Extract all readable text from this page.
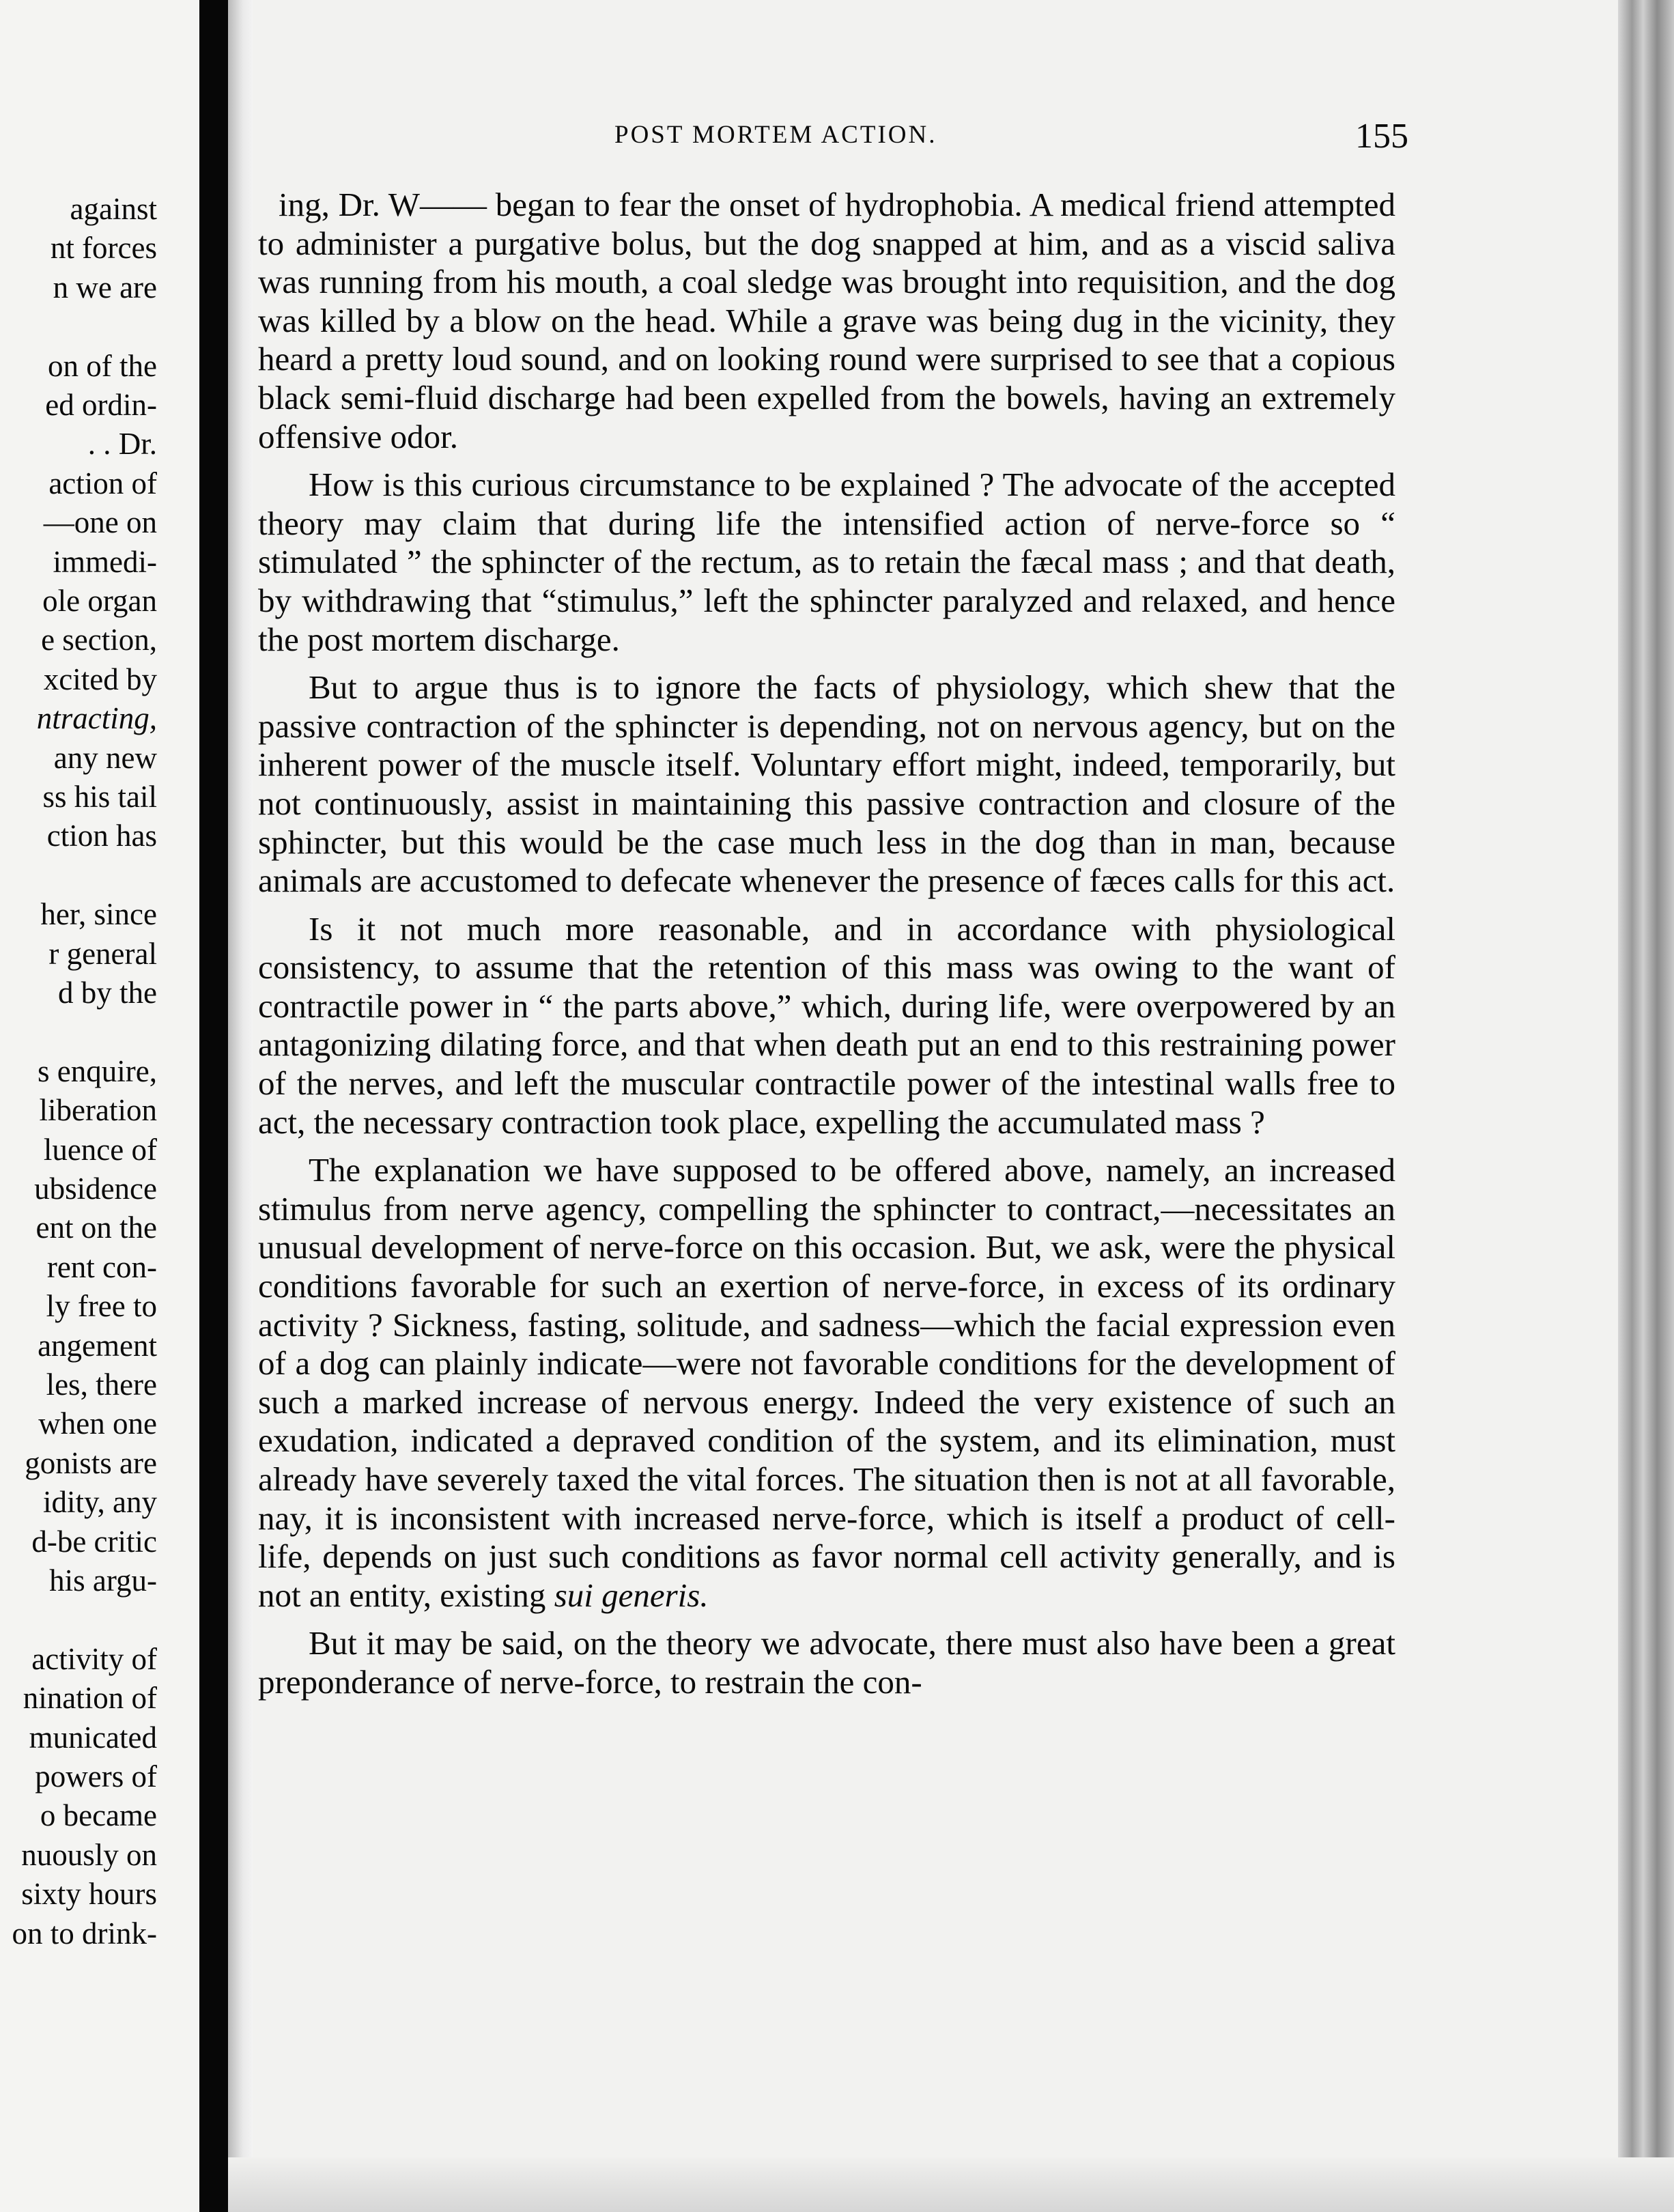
against
nt forces
n we are
on of the
ed ordin-
. . Dr.
action of
—one on
immedi-
ole organ
e section,
xcited by
ntracting,
any new
ss his tail
ction has
her, since
r general
d by the
s enquire,
liberation
luence of
ubsidence
ent on the
rent con-
ly free to
angement
les, there
when one
gonists are
idity, any
d-be critic
his argu-
activity of
nination of
municated
powers of
o became
nuously on
sixty hours
on to drink-
POST MORTEM ACTION.	155

ing, Dr. W—— began to fear the onset of hydrophobia. A medical friend attempted to administer a purgative bolus, but the dog snapped at him, and as a viscid saliva was running from his mouth, a coal sledge was brought into requisition, and the dog was killed by a blow on the head. While a grave was being dug in the vicinity, they heard a pretty loud sound, and on looking round were surprised to see that a copious black semi-fluid discharge had been expelled from the bowels, having an extremely offensive odor.

How is this curious circumstance to be explained ? The advocate of the accepted theory may claim that during life the intensified action of nerve-force so “ stimulated ” the sphincter of the rectum, as to retain the fæcal mass ; and that death, by withdrawing that “stimulus,” left the sphincter paralyzed and relaxed, and hence the post mortem discharge.

But to argue thus is to ignore the facts of physiology, which shew that the passive contraction of the sphincter is depending, not on nervous agency, but on the inherent power of the muscle itself. Voluntary effort might, indeed, temporarily, but not continuously, assist in maintaining this passive contraction and closure of the sphincter, but this would be the case much less in the dog than in man, because animals are accustomed to defecate whenever the presence of fæces calls for this act.

Is it not much more reasonable, and in accordance with physiological consistency, to assume that the retention of this mass was owing to the want of contractile power in “ the parts above,” which, during life, were overpowered by an antagonizing dilating force, and that when death put an end to this restraining power of the nerves, and left the muscular contractile power of the intestinal walls free to act, the necessary contraction took place, expelling the accumulated mass ?

The explanation we have supposed to be offered above, namely, an increased stimulus from nerve agency, compelling the sphincter to contract,—necessitates an unusual development of nerve-force on this occasion. But, we ask, were the physical conditions favorable for such an exertion of nerve-force, in excess of its ordinary activity ? Sickness, fasting, solitude, and sadness—which the facial expression even of a dog can plainly indicate—were not favorable conditions for the development of such a marked increase of nervous energy. Indeed the very existence of such an exudation, indicated a depraved condition of the system, and its elimination, must already have severely taxed the vital forces. The situation then is not at all favorable, nay, it is inconsistent with increased nerve-force, which is itself a product of cell-life, depends on just such conditions as favor normal cell activity generally, and is not an entity, existing sui generis.

But it may be said, on the theory we advocate, there must also have been a great preponderance of nerve-force, to restrain the con-
